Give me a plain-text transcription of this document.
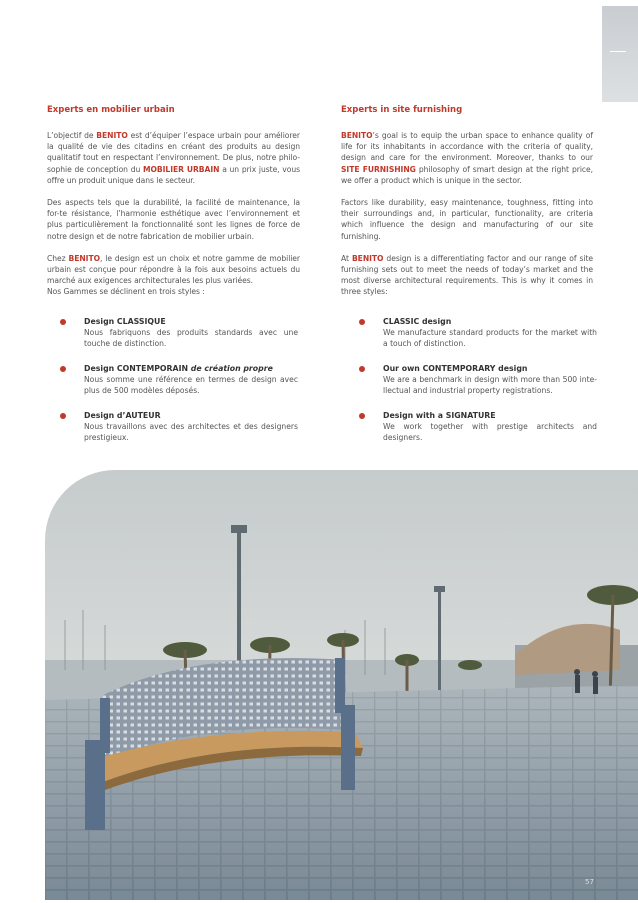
Experts en mobilier urbain

L’objectif de BENITO est d’équiper l’espace urbain pour améliorer la qualité de vie des citadins en créant des produits au design qualitatif tout en respectant l’environnement. De plus, notre philo-sophie de conception du MOBILIER URBAIN a un prix juste, vous offre un produit unique dans le secteur.

Des aspects tels que la durabilité, la facilité de maintenance, la for-te résistance, l’harmonie esthétique avec l’environnement et plus particulièrement la fonctionnalité sont les lignes de force de notre design et de notre fabrication de mobilier urbain.

Chez BENITO, le design est un choix et notre gamme de mobilier urbain est conçue pour répondre à la fois aux besoins actuels du marché aux exigences architecturales les plus variées.
Nos Gammes se déclinent en trois styles :

Design CLASSIQUE
Nous fabriquons des produits standards avec une touche de distinction.
Design CONTEMPORAIN de création propre
Nous somme une référence en termes de design avec plus de 500 modèles déposés.
Design d’AUTEUR
Nous travaillons avec des architectes et des designers prestigieux.
Experts in site furnishing

BENITO’s goal is to equip the urban space to enhance quality of life for its inhabitants in accordance with the criteria of quality, design and care for the environment. Moreover, thanks to our SITE FURNISHING philosophy of smart design at the right price, we offer a product which is unique in the sector.

Factors like durability, easy maintenance, toughness, fitting into their surroundings and, in particular, functionality, are criteria which influence the design and manufacturing of our site furnishing.

At BENITO design is a differentiating factor and our range of site furnishing sets out to meet the needs of today’s market and the most diverse architectural requirements. This is why it comes in three styles:

CLASSIC design
We manufacture standard products for the market with a touch of distinction.
Our own CONTEMPORARY design
We are a benchmark in design with more than 500 inte-llectual and industrial property registrations.
Design with a SIGNATURE
We work together with prestige architects and designers.
57
